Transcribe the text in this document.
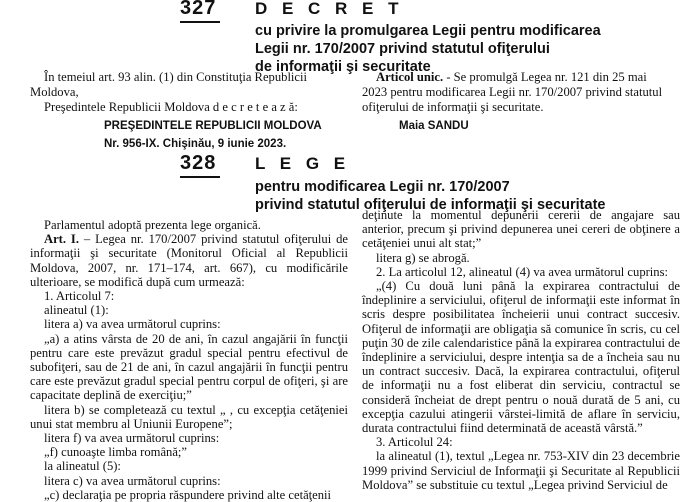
327 D E C R E T
cu privire la promulgarea Legii pentru modificarea
Legii nr. 170/2007 privind statutul ofiţerului
de informaţii şi securitate
În temeiul art. 93 alin. (1) din Constituţia Republicii
Moldova,
Preşedintele Republicii Moldova d e c r e t e a z ă:
Articol unic. - Se promulgă Legea nr. 121 din 25 mai
2023 pentru modificarea Legii nr. 170/2007 privind statutul
ofiţerului de informaţii şi securitate.
PREŞEDINTELE REPUBLICII MOLDOVA	Maia SANDU
Nr. 956-IX. Chişinău, 9 iunie 2023.
328 L E G E
pentru modificarea Legii nr. 170/2007
privind statutul ofiţerului de informaţii şi securitate

Parlamentul adoptă prezenta lege organică.

Art. I. – Legea nr. 170/2007 privind statutul ofiţerului de informaţii şi securitate (Monitorul Oficial al Republicii Moldova, 2007, nr. 171–174, art. 667), cu modificările ulterioare, se modifică după cum urmează:

1. Articolul 7:

alineatul (1):

litera a) va avea următorul cuprins:

„a) a atins vârsta de 20 de ani, în cazul angajării în funcţii pentru care este prevăzut gradul special pentru efectivul de subofiţeri, sau de 21 de ani, în cazul angajării în funcţii pentru care este prevăzut gradul special pentru corpul de ofiţeri, şi are capacitate deplină de exerciţiu;”

litera b) se completează cu textul „ , cu excepţia cetăţeniei unui stat membru al Uniunii Europene”;

litera f) va avea următorul cuprins:

„f) cunoaşte limba română;”

la alineatul (5):

litera c) va avea următorul cuprins:

„c) declaraţia pe propria răspundere privind alte cetăţenii

deţinute la momentul depunerii cererii de angajare sau anterior, precum şi privind depunerea unei cereri de obţinere a cetăţeniei unui alt stat;”

litera g) se abrogă.

2. La articolul 12, alineatul (4) va avea următorul cuprins:

„(4) Cu două luni până la expirarea contractului de îndeplinire a serviciului, ofiţerul de informaţii este informat în scris despre posibilitatea încheierii unui contract succesiv. Ofiţerul de informaţii are obligaţia să comunice în scris, cu cel puţin 30 de zile calendaristice până la expirarea contractului de îndeplinire a serviciului, despre intenţia sa de a încheia sau nu un contract succesiv. Dacă, la expirarea contractului, ofiţerul de informaţii nu a fost eliberat din serviciu, contractul se consideră încheiat de drept pentru o nouă durată de 5 ani, cu excepţia cazului atingerii vârstei-limită de aflare în serviciu, durata contractului fiind determinată de această vârstă.”

3. Articolul 24:

la alineatul (1), textul „Legea nr. 753-XIV din 23 decembrie 1999 privind Serviciul de Informaţii şi Securitate al Republicii Moldova” se substituie cu textul „Legea privind Serviciul de
